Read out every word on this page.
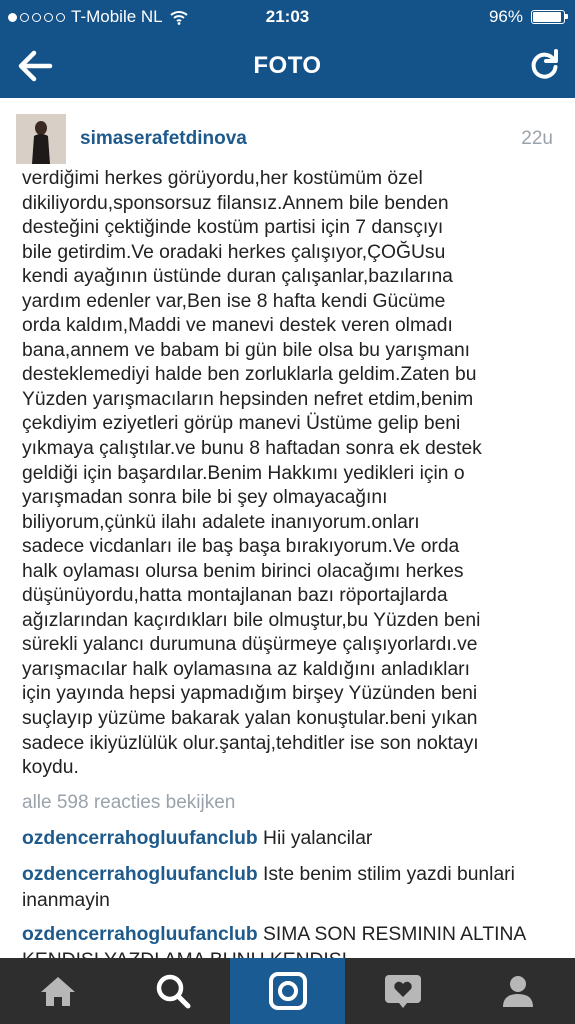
T-Mobile NL	21:03	96%
FOTO
simaserafetdinova	22u
verdiğimi herkes görüyordu,her kostümüm özel
dikiliyordu,sponsorsuz filansız.Annem bile benden
desteğini çektiğinde kostüm partisi için 7 dansçıyı
bile getirdim.Ve oradaki herkes çalışıyor,ÇOĞUsu
kendi ayağının üstünde duran çalışanlar,bazılarına
yardım edenler var,Ben ise 8 hafta kendi Gücüme
orda kaldım,Maddi ve manevi destek veren olmadı
bana,annem ve babam bi gün bile olsa bu yarışmanı
desteklemediyi halde ben zorluklarla geldim.Zaten bu
Yüzden yarışmacıların hepsinden nefret etdim,benim
çekdiyim eziyetleri görüp manevi Üstüme gelip beni
yıkmaya çalıştılar.ve bunu 8 haftadan sonra ek destek
geldiği için başardılar.Benim Hakkımı yedikleri için o
yarışmadan sonra bile bi şey olmayacağını
biliyorum,çünkü ilahı adalete inanıyorum.onları
sadece vicdanları ile baş başa bırakıyorum.Ve orda
halk oylaması olursa benim birinci olacağımı herkes
düşünüyordu,hatta montajlanan bazı röportajlarda
ağızlarından kaçırdıkları bile olmuştur,bu Yüzden beni
sürekli yalancı durumuna düşürmeye çalışıyorlardı.ve
yarışmacılar halk oylamasına az kaldığını anladıkları
için yayında hepsi yapmadığım birşey Yüzünden beni
suçlayıp yüzüme bakarak yalan konuştular.beni yıkan
sadece ikiyüzlülük olur.şantaj,tehditler ise son noktayı
koydu.
alle 598 reacties bekijken
ozdencerrahogluufanclub Hii yalancilar
ozdencerrahogluufanclub Iste benim stilim yazdi bunlari inanmayin
ozdencerrahogluufanclub SIMA SON RESMININ ALTINA
